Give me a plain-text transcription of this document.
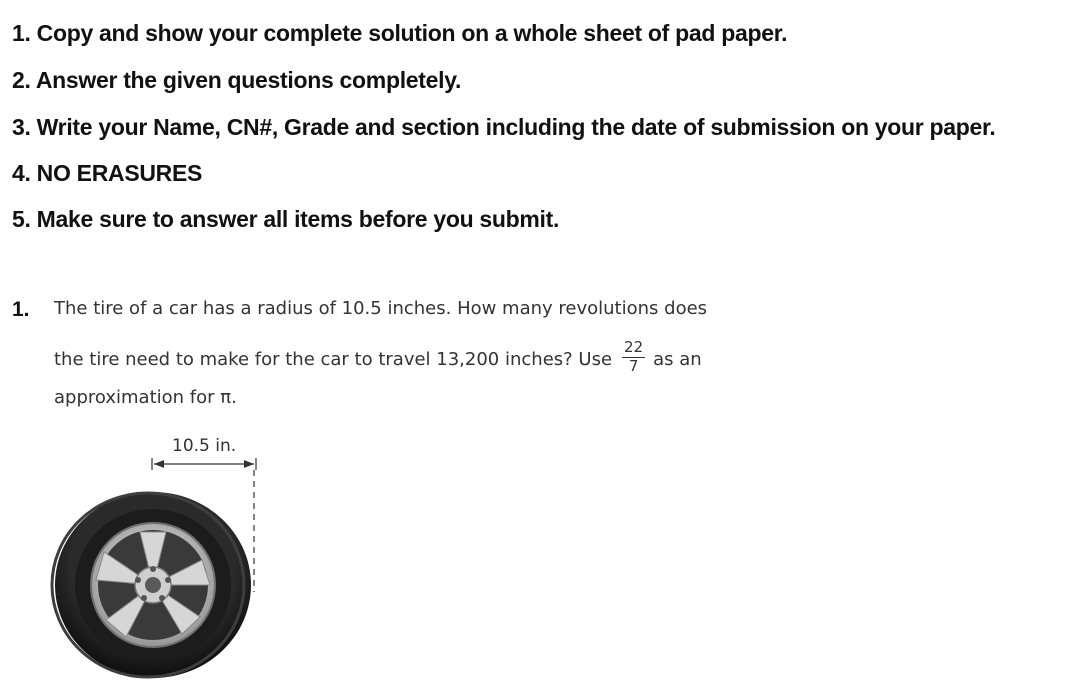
1. Copy and show your complete solution on a whole sheet of pad paper.
2. Answer the given questions completely.
3. Write your Name, CN#, Grade and section including the date of submission on your paper.
4. NO ERASURES
5. Make sure to answer all items before you submit.
1. The tire of a car has a radius of 10.5 inches. How many revolutions does
the tire need to make for the car to travel 13,200 inches? Use $\frac{22}{7}$ as an
approximation for π.
10.5 in.
